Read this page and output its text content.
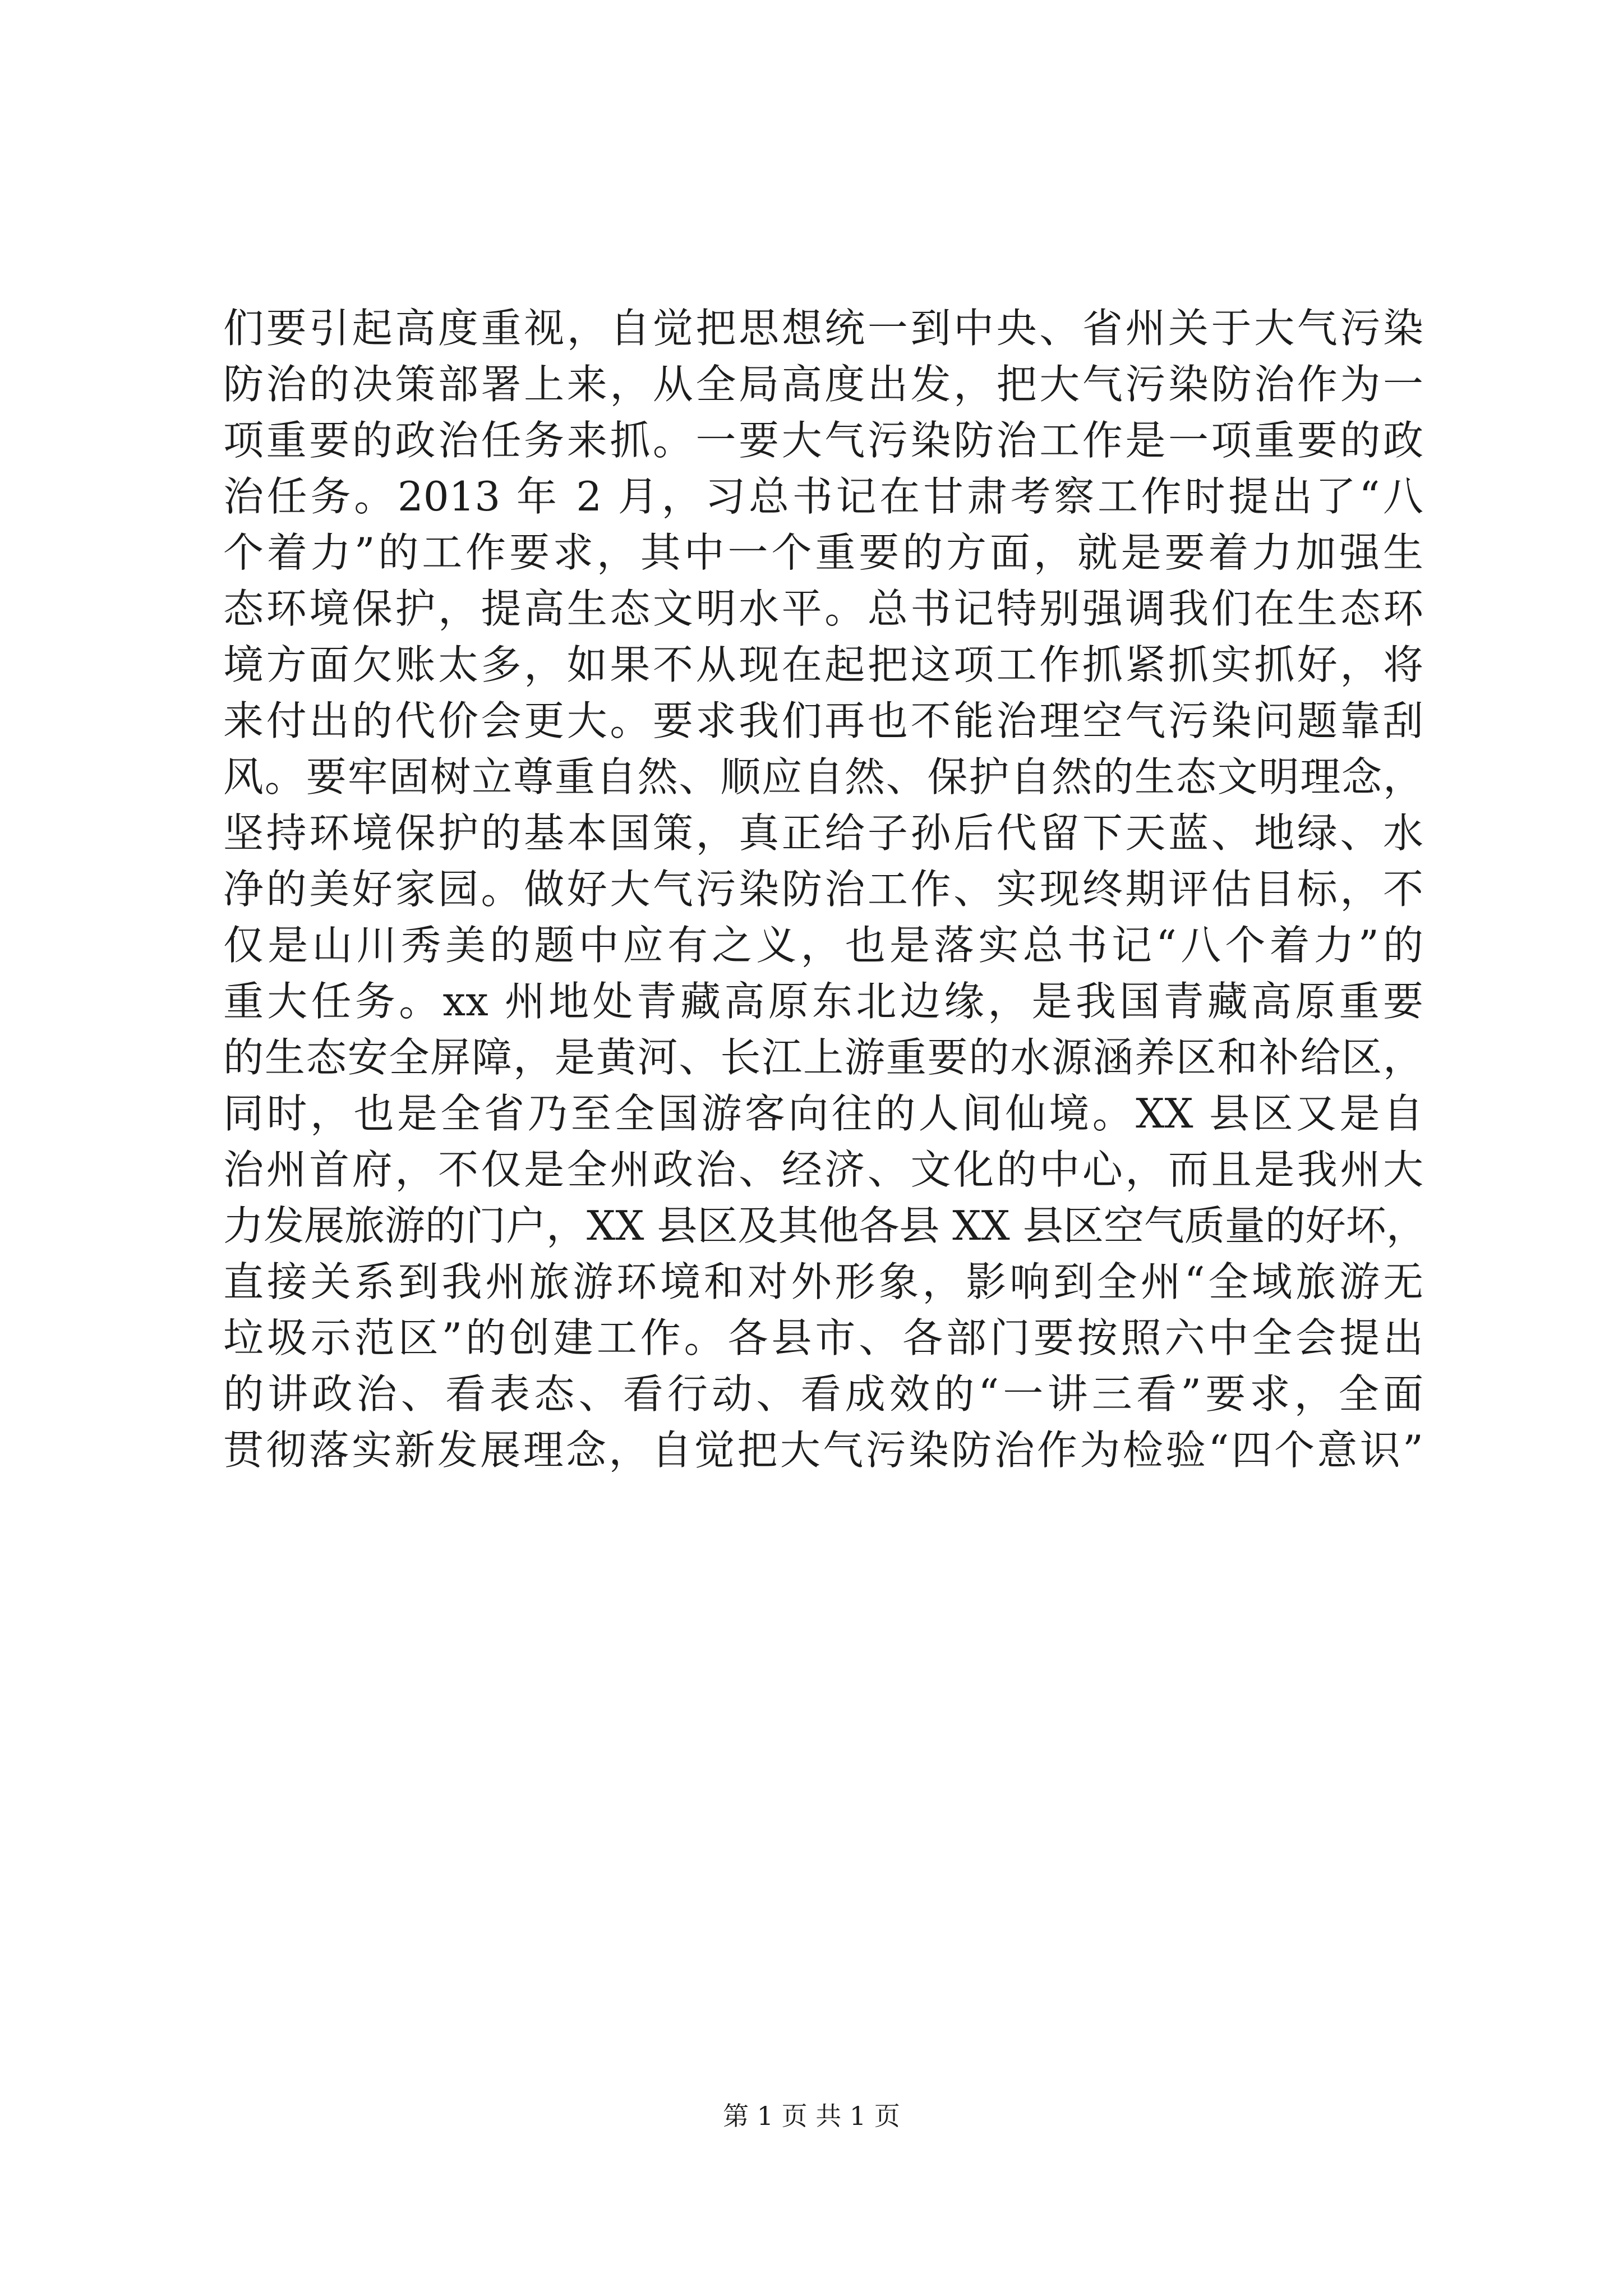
们要引起高度重视，自觉把思想统一到中央、省州关于大气污染
防治的决策部署上来，从全局高度出发，把大气污染防治作为一
项重要的政治任务来抓。一要大气污染防治工作是一项重要的政
治任务。2013 年 2 月，习总书记在甘肃考察工作时提出了“八
个着力”的工作要求，其中一个重要的方面，就是要着力加强生
态环境保护，提高生态文明水平。总书记特别强调我们在生态环
境方面欠账太多，如果不从现在起把这项工作抓紧抓实抓好，将
来付出的代价会更大。要求我们再也不能治理空气污染问题靠刮
风。要牢固树立尊重自然、顺应自然、保护自然的生态文明理念，
坚持环境保护的基本国策，真正给子孙后代留下天蓝、地绿、水
净的美好家园。做好大气污染防治工作、实现终期评估目标，不
仅是山川秀美的题中应有之义，也是落实总书记“八个着力”的
重大任务。xx 州地处青藏高原东北边缘，是我国青藏高原重要
的生态安全屏障，是黄河、长江上游重要的水源涵养区和补给区，
同时，也是全省乃至全国游客向往的人间仙境。XX 县区又是自
治州首府，不仅是全州政治、经济、文化的中心，而且是我州大
力发展旅游的门户，XX 县区及其他各县 XX 县区空气质量的好坏，
直接关系到我州旅游环境和对外形象，影响到全州“全域旅游无
垃圾示范区”的创建工作。各县市、各部门要按照六中全会提出
的讲政治、看表态、看行动、看成效的“一讲三看”要求，全面
贯彻落实新发展理念，自觉把大气污染防治作为检验“四个意识”
第 1 页 共 1 页
